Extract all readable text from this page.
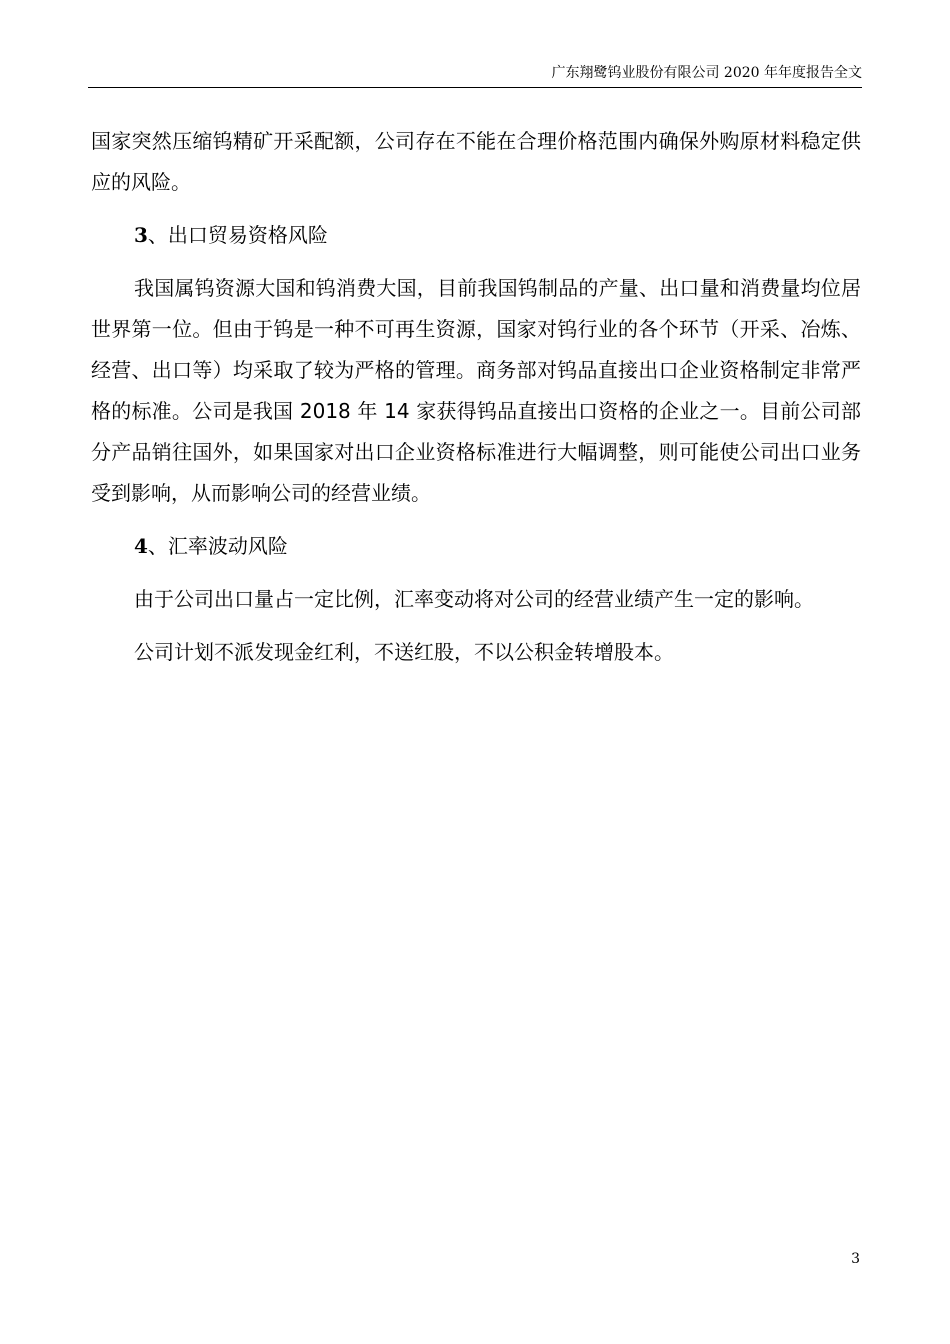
广东翔鹭钨业股份有限公司 2020 年年度报告全文

国家突然压缩钨精矿开采配额，公司存在不能在合理价格范围内确保外购原材料稳定供应的风险。

3、出口贸易资格风险

我国属钨资源大国和钨消费大国，目前我国钨制品的产量、出口量和消费量均位居世界第一位。但由于钨是一种不可再生资源，国家对钨行业的各个环节（开采、冶炼、经营、出口等）均采取了较为严格的管理。商务部对钨品直接出口企业资格制定非常严格的标准。公司是我国 2018 年 14 家获得钨品直接出口资格的企业之一。目前公司部分产品销往国外，如果国家对出口企业资格标准进行大幅调整，则可能使公司出口业务受到影响，从而影响公司的经营业绩。

4、汇率波动风险

由于公司出口量占一定比例，汇率变动将对公司的经营业绩产生一定的影响。

公司计划不派发现金红利，不送红股，不以公积金转增股本。

3
